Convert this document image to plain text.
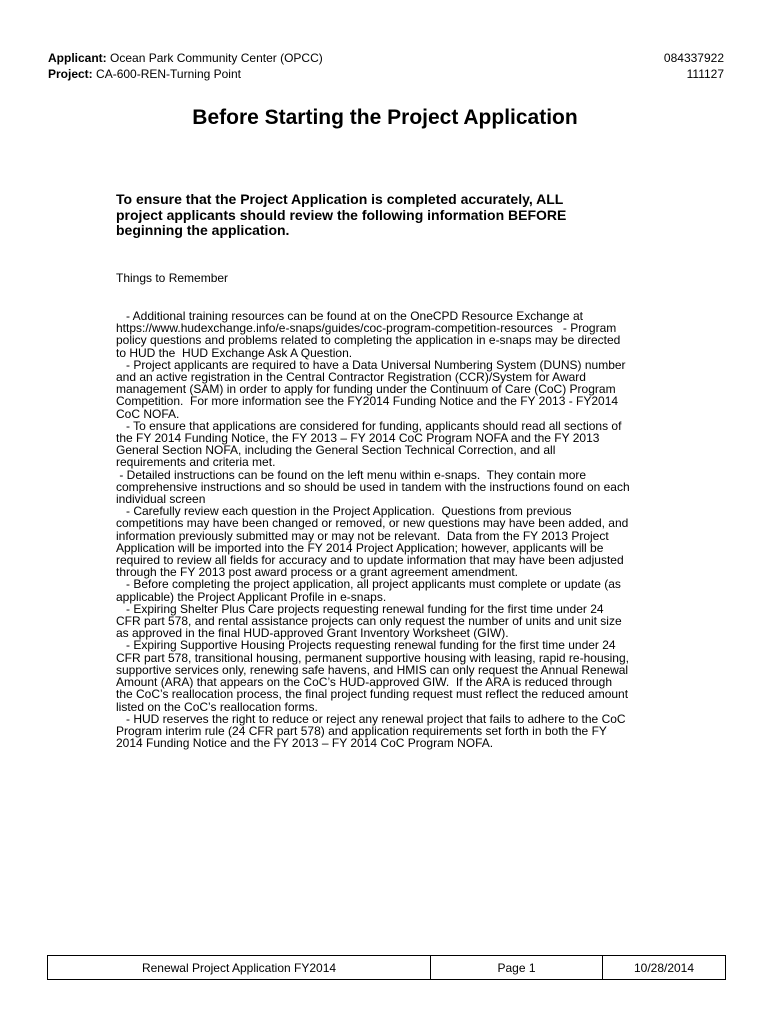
Applicant: Ocean Park Community Center (OPCC)	084337922
Project: CA-600-REN-Turning Point	111127
Before Starting the Project Application
To ensure that the Project Application is completed accurately, ALL
project applicants should review the following information BEFORE
beginning the application.
Things to Remember
- Additional training resources can be found at on the OneCPD Resource Exchange at
https://www.hudexchange.info/e-snaps/guides/coc-program-competition-resources   - Program
policy questions and problems related to completing the application in e-snaps may be directed
to HUD the  HUD Exchange Ask A Question.
- Project applicants are required to have a Data Universal Numbering System (DUNS) number
and an active registration in the Central Contractor Registration (CCR)/System for Award
management (SAM) in order to apply for funding under the Continuum of Care (CoC) Program
Competition.  For more information see the FY2014 Funding Notice and the FY 2013 - FY2014
CoC NOFA.
- To ensure that applications are considered for funding, applicants should read all sections of
the FY 2014 Funding Notice, the FY 2013 – FY 2014 CoC Program NOFA and the FY 2013
General Section NOFA, including the General Section Technical Correction, and all
requirements and criteria met.
- Detailed instructions can be found on the left menu within e-snaps.  They contain more
comprehensive instructions and so should be used in tandem with the instructions found on each
individual screen
- Carefully review each question in the Project Application.  Questions from previous
competitions may have been changed or removed, or new questions may have been added, and
information previously submitted may or may not be relevant.  Data from the FY 2013 Project
Application will be imported into the FY 2014 Project Application; however, applicants will be
required to review all fields for accuracy and to update information that may have been adjusted
through the FY 2013 post award process or a grant agreement amendment.
- Before completing the project application, all project applicants must complete or update (as
applicable) the Project Applicant Profile in e-snaps.
- Expiring Shelter Plus Care projects requesting renewal funding for the first time under 24
CFR part 578, and rental assistance projects can only request the number of units and unit size
as approved in the final HUD-approved Grant Inventory Worksheet (GIW).
- Expiring Supportive Housing Projects requesting renewal funding for the first time under 24
CFR part 578, transitional housing, permanent supportive housing with leasing, rapid re-housing,
supportive services only, renewing safe havens, and HMIS can only request the Annual Renewal
Amount (ARA) that appears on the CoC’s HUD-approved GIW.  If the ARA is reduced through
the CoC’s reallocation process, the final project funding request must reflect the reduced amount
listed on the CoC’s reallocation forms.
- HUD reserves the right to reduce or reject any renewal project that fails to adhere to the CoC
Program interim rule (24 CFR part 578) and application requirements set forth in both the FY
2014 Funding Notice and the FY 2013 – FY 2014 CoC Program NOFA.
Renewal Project Application FY2014	Page 1	10/28/2014
